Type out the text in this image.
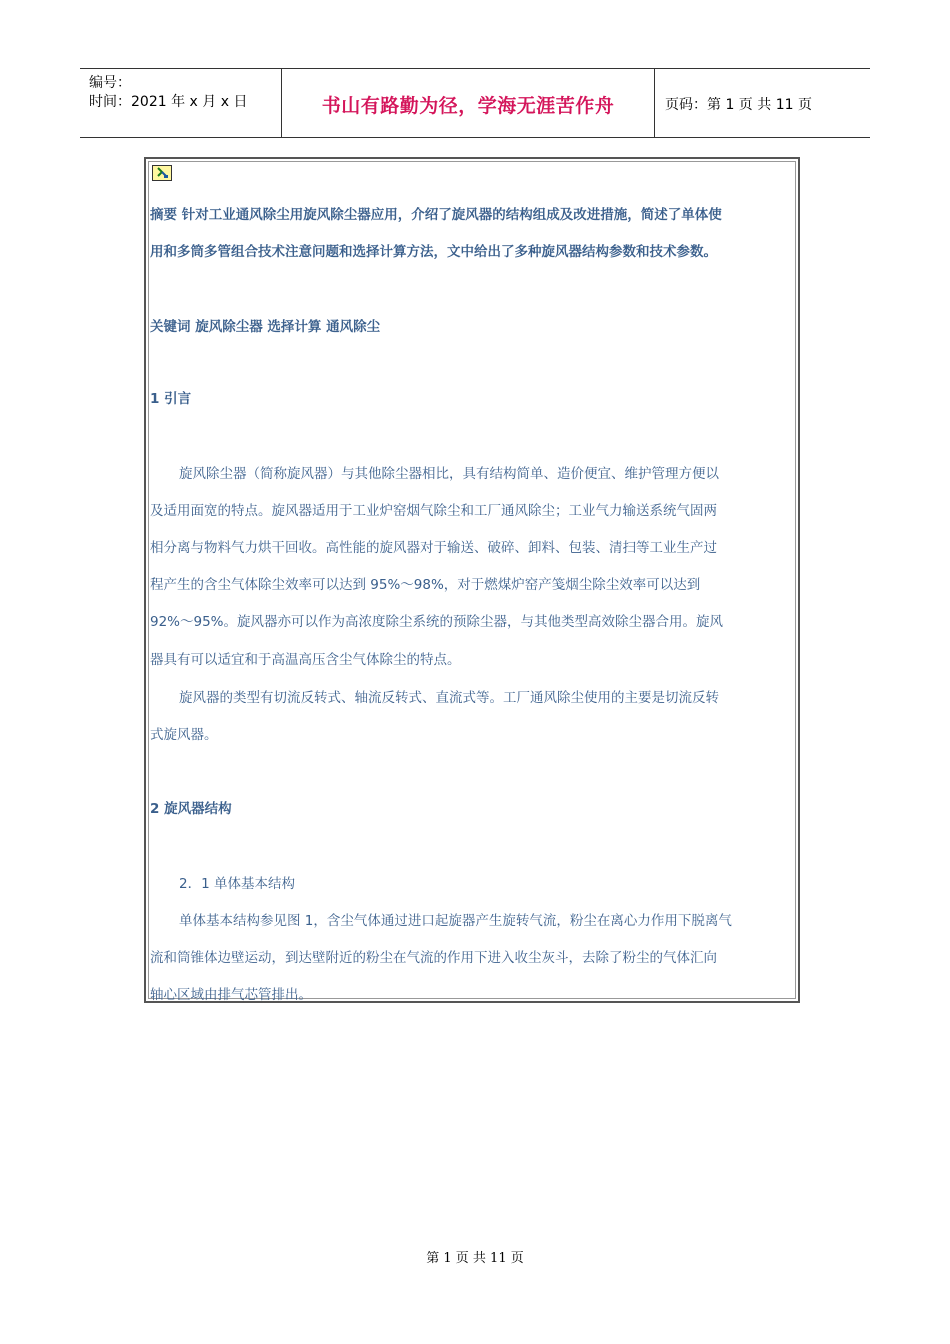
编号：
时间：2021 年 x 月 x 日	书山有路勤为径，学海无涯苦作舟	页码：第 1 页 共 11 页
摘要 针对工业通风除尘用旋风除尘器应用，介绍了旋风器的结构组成及改进措施，简述了单体使
用和多筒多管组合技术注意问题和选择计算方法，文中给出了多种旋风器结构参数和技术参数。
关键词 旋风除尘器 选择计算 通风除尘
1 引言
旋风除尘器（简称旋风器）与其他除尘器相比，具有结构简单、造价便宜、维护管理方便以
及适用面宽的特点。旋风器适用于工业炉窑烟气除尘和工厂通风除尘；工业气力输送系统气固两
相分离与物料气力烘干回收。高性能的旋风器对于输送、破碎、卸料、包装、清扫等工业生产过
程产生的含尘气体除尘效率可以达到 95%～98%，对于燃煤炉窑产笺烟尘除尘效率可以达到
92%～95%。旋风器亦可以作为高浓度除尘系统的预除尘器，与其他类型高效除尘器合用。旋风
器具有可以适宜和于高温高压含尘气体除尘的特点。
旋风器的类型有切流反转式、轴流反转式、直流式等。工厂通风除尘使用的主要是切流反转
式旋风器。
2 旋风器结构
2．1 单体基本结构
单体基本结构参见图 1，含尘气体通过进口起旋器产生旋转气流，粉尘在离心力作用下脱离气
流和筒锥体边壁运动，到达壁附近的粉尘在气流的作用下进入收尘灰斗，去除了粉尘的气体汇向
轴心区域由排气芯管排出。
第 1 页 共 11 页
